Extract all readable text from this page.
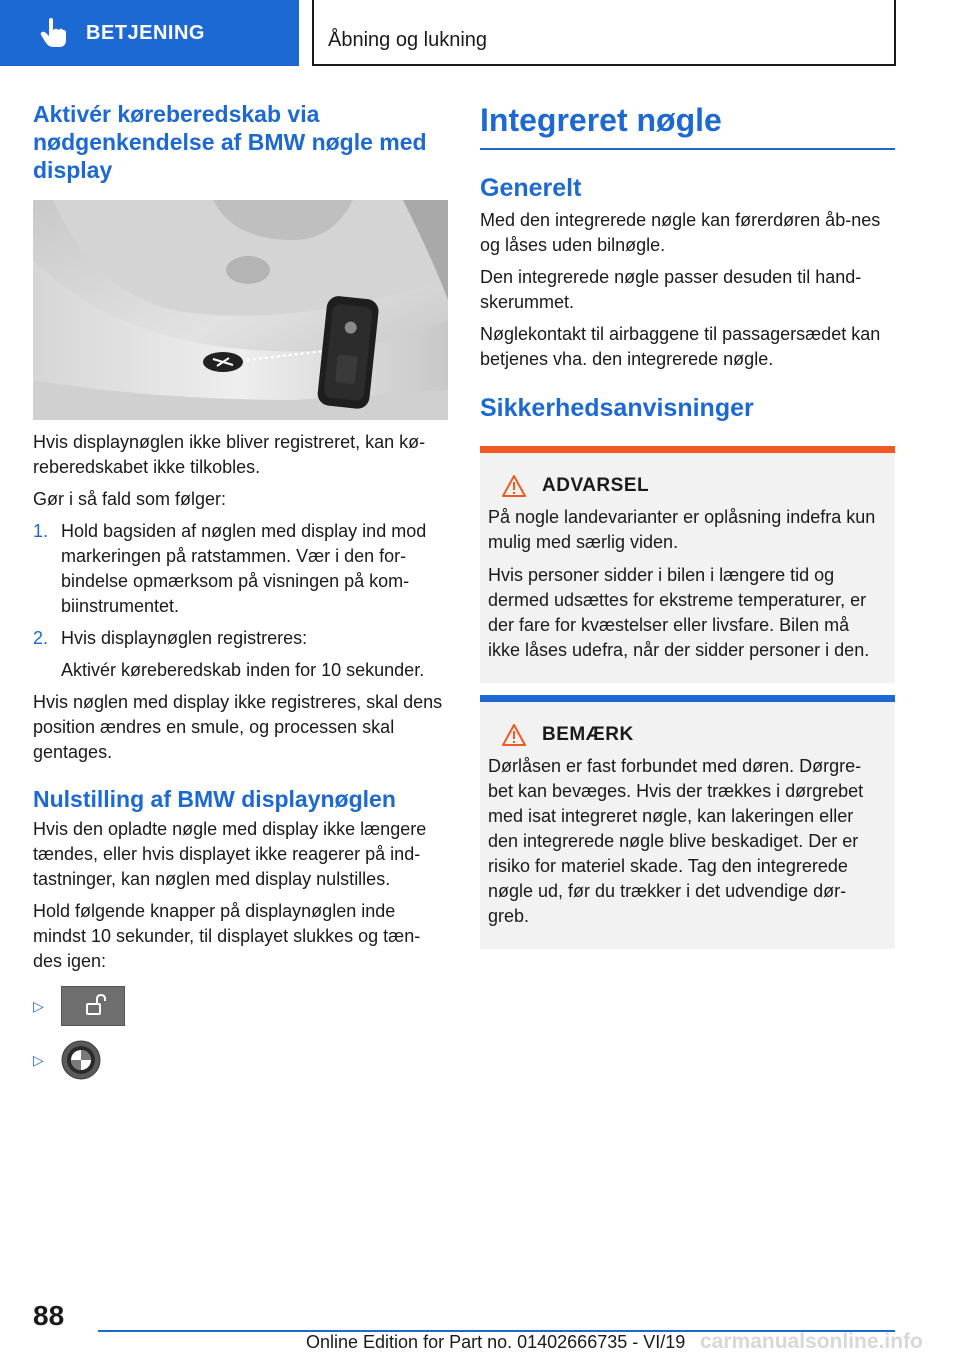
BETJENING	Åbning og lukning
Aktivér køreberedskab via nødgenkendelse af BMW nøgle med display

Hvis displaynøglen ikke bliver registreret, kan kø-reberedskabet ikke tilkobles.

Gør i så fald som følger:

1. Hold bagsiden af nøglen med display ind mod markeringen på ratstammen. Vær i den for-bindelse opmærksom på visningen på kom-biinstrumentet.
2. Hvis displaynøglen registreres:

Aktivér køreberedskab inden for 10 sekunder.

Hvis nøglen med display ikke registreres, skal dens position ændres en smule, og processen skal gentages.

Nulstilling af BMW displaynøglen

Hvis den opladte nøgle med display ikke længere tændes, eller hvis displayet ikke reagerer på ind-tastninger, kan nøglen med display nulstilles.

Hold følgende knapper på displaynøglen inde mindst 10 sekunder, til displayet slukkes og tæn-des igen:

▷
▷
Integreret nøgle
Generelt

Med den integrerede nøgle kan førerdøren åb-nes og låses uden bilnøgle.

Den integrerede nøgle passer desuden til hand-skerummet.

Nøglekontakt til airbaggene til passagersædet kan betjenes vha. den integrerede nøgle.

Sikkerhedsanvisninger
ADVARSEL

På nogle landevarianter er oplåsning indefra kun mulig med særlig viden.

Hvis personer sidder i bilen i længere tid og dermed udsættes for ekstreme temperaturer, er der fare for kvæstelser eller livsfare. Bilen må ikke låses udefra, når der sidder personer i den.

BEMÆRK

Dørlåsen er fast forbundet med døren. Dørgre-bet kan bevæges. Hvis der trækkes i dørgrebet med isat integreret nøgle, kan lakeringen eller den integrerede nøgle blive beskadiget. Der er risiko for materiel skade. Tag den integrerede nøgle ud, før du trækker i det udvendige dør-greb.

88
Online Edition for Part no. 01402666735 - VI/19 carmanualsonline.info
